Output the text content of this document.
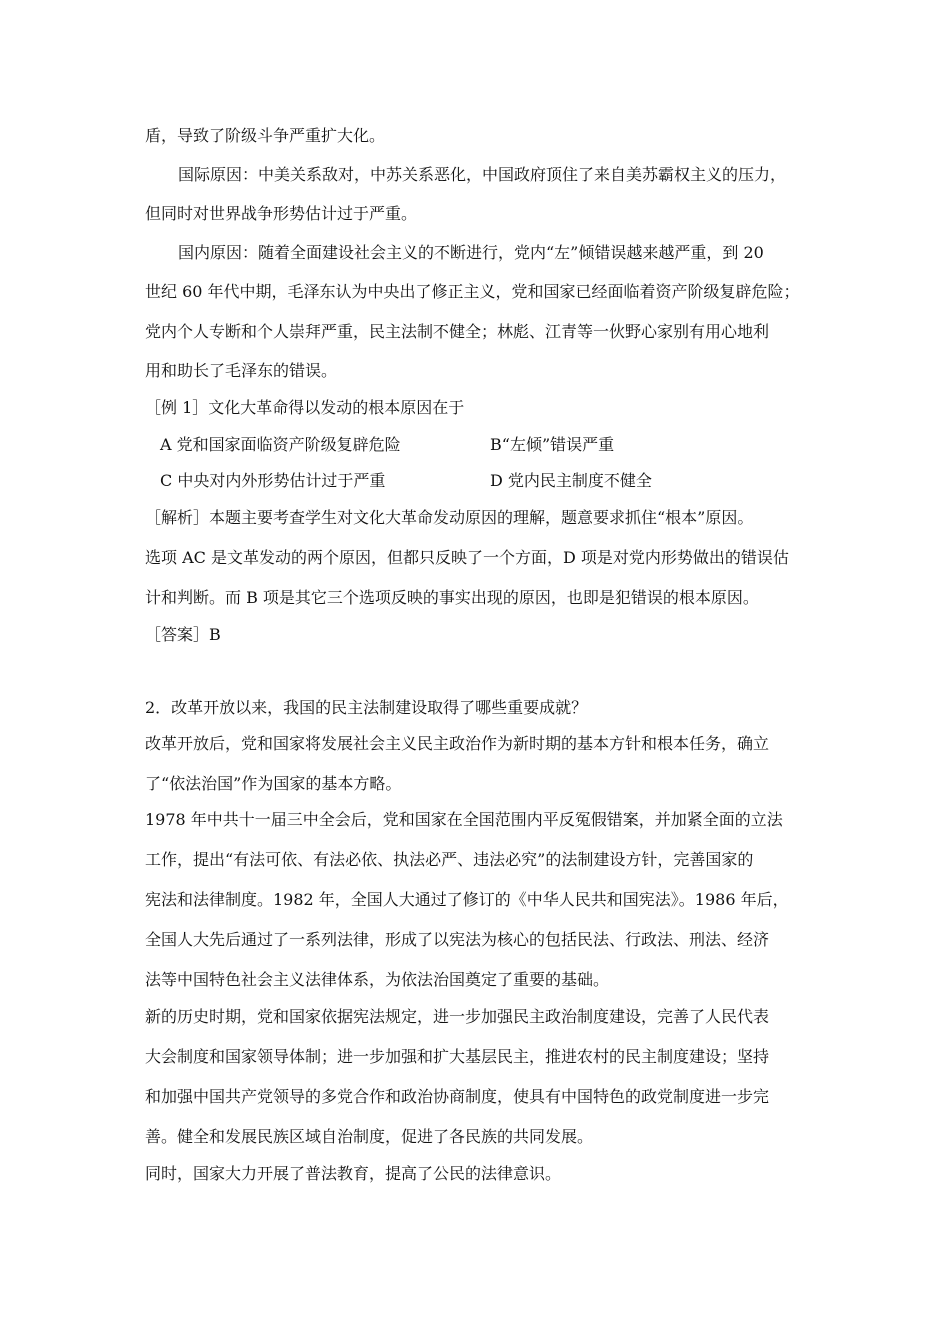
盾，导致了阶级斗争严重扩大化。
国际原因：中美关系敌对，中苏关系恶化，中国政府顶住了来自美苏霸权主义的压力，
但同时对世界战争形势估计过于严重。
国内原因：随着全面建设社会主义的不断进行，党内“左”倾错误越来越严重，到 20
世纪 60 年代中期，毛泽东认为中央出了修正主义，党和国家已经面临着资产阶级复辟危险；
党内个人专断和个人崇拜严重，民主法制不健全；林彪、江青等一伙野心家别有用心地利
用和助长了毛泽东的错误。
［例 1］文化大革命得以发动的根本原因在于
A 党和国家面临资产阶级复辟危险	B“左倾”错误严重
C 中央对内外形势估计过于严重	D 党内民主制度不健全
［解析］本题主要考查学生对文化大革命发动原因的理解，题意要求抓住“根本”原因。
选项 AC 是文革发动的两个原因，但都只反映了一个方面，D 项是对党内形势做出的错误估
计和判断。而 B 项是其它三个选项反映的事实出现的原因，也即是犯错误的根本原因。
［答案］B
2．改革开放以来，我国的民主法制建设取得了哪些重要成就？
改革开放后，党和国家将发展社会主义民主政治作为新时期的基本方针和根本任务，确立
了“依法治国”作为国家的基本方略。
1978 年中共十一届三中全会后，党和国家在全国范围内平反冤假错案，并加紧全面的立法
工作，提出“有法可依、有法必依、执法必严、违法必究”的法制建设方针，完善国家的
宪法和法律制度。1982 年，全国人大通过了修订的《中华人民共和国宪法》。1986 年后，
全国人大先后通过了一系列法律，形成了以宪法为核心的包括民法、行政法、刑法、经济
法等中国特色社会主义法律体系，为依法治国奠定了重要的基础。
新的历史时期，党和国家依据宪法规定，进一步加强民主政治制度建设，完善了人民代表
大会制度和国家领导体制；进一步加强和扩大基层民主，推进农村的民主制度建设；坚持
和加强中国共产党领导的多党合作和政治协商制度，使具有中国特色的政党制度进一步完
善。健全和发展民族区域自治制度，促进了各民族的共同发展。
同时，国家大力开展了普法教育，提高了公民的法律意识。
